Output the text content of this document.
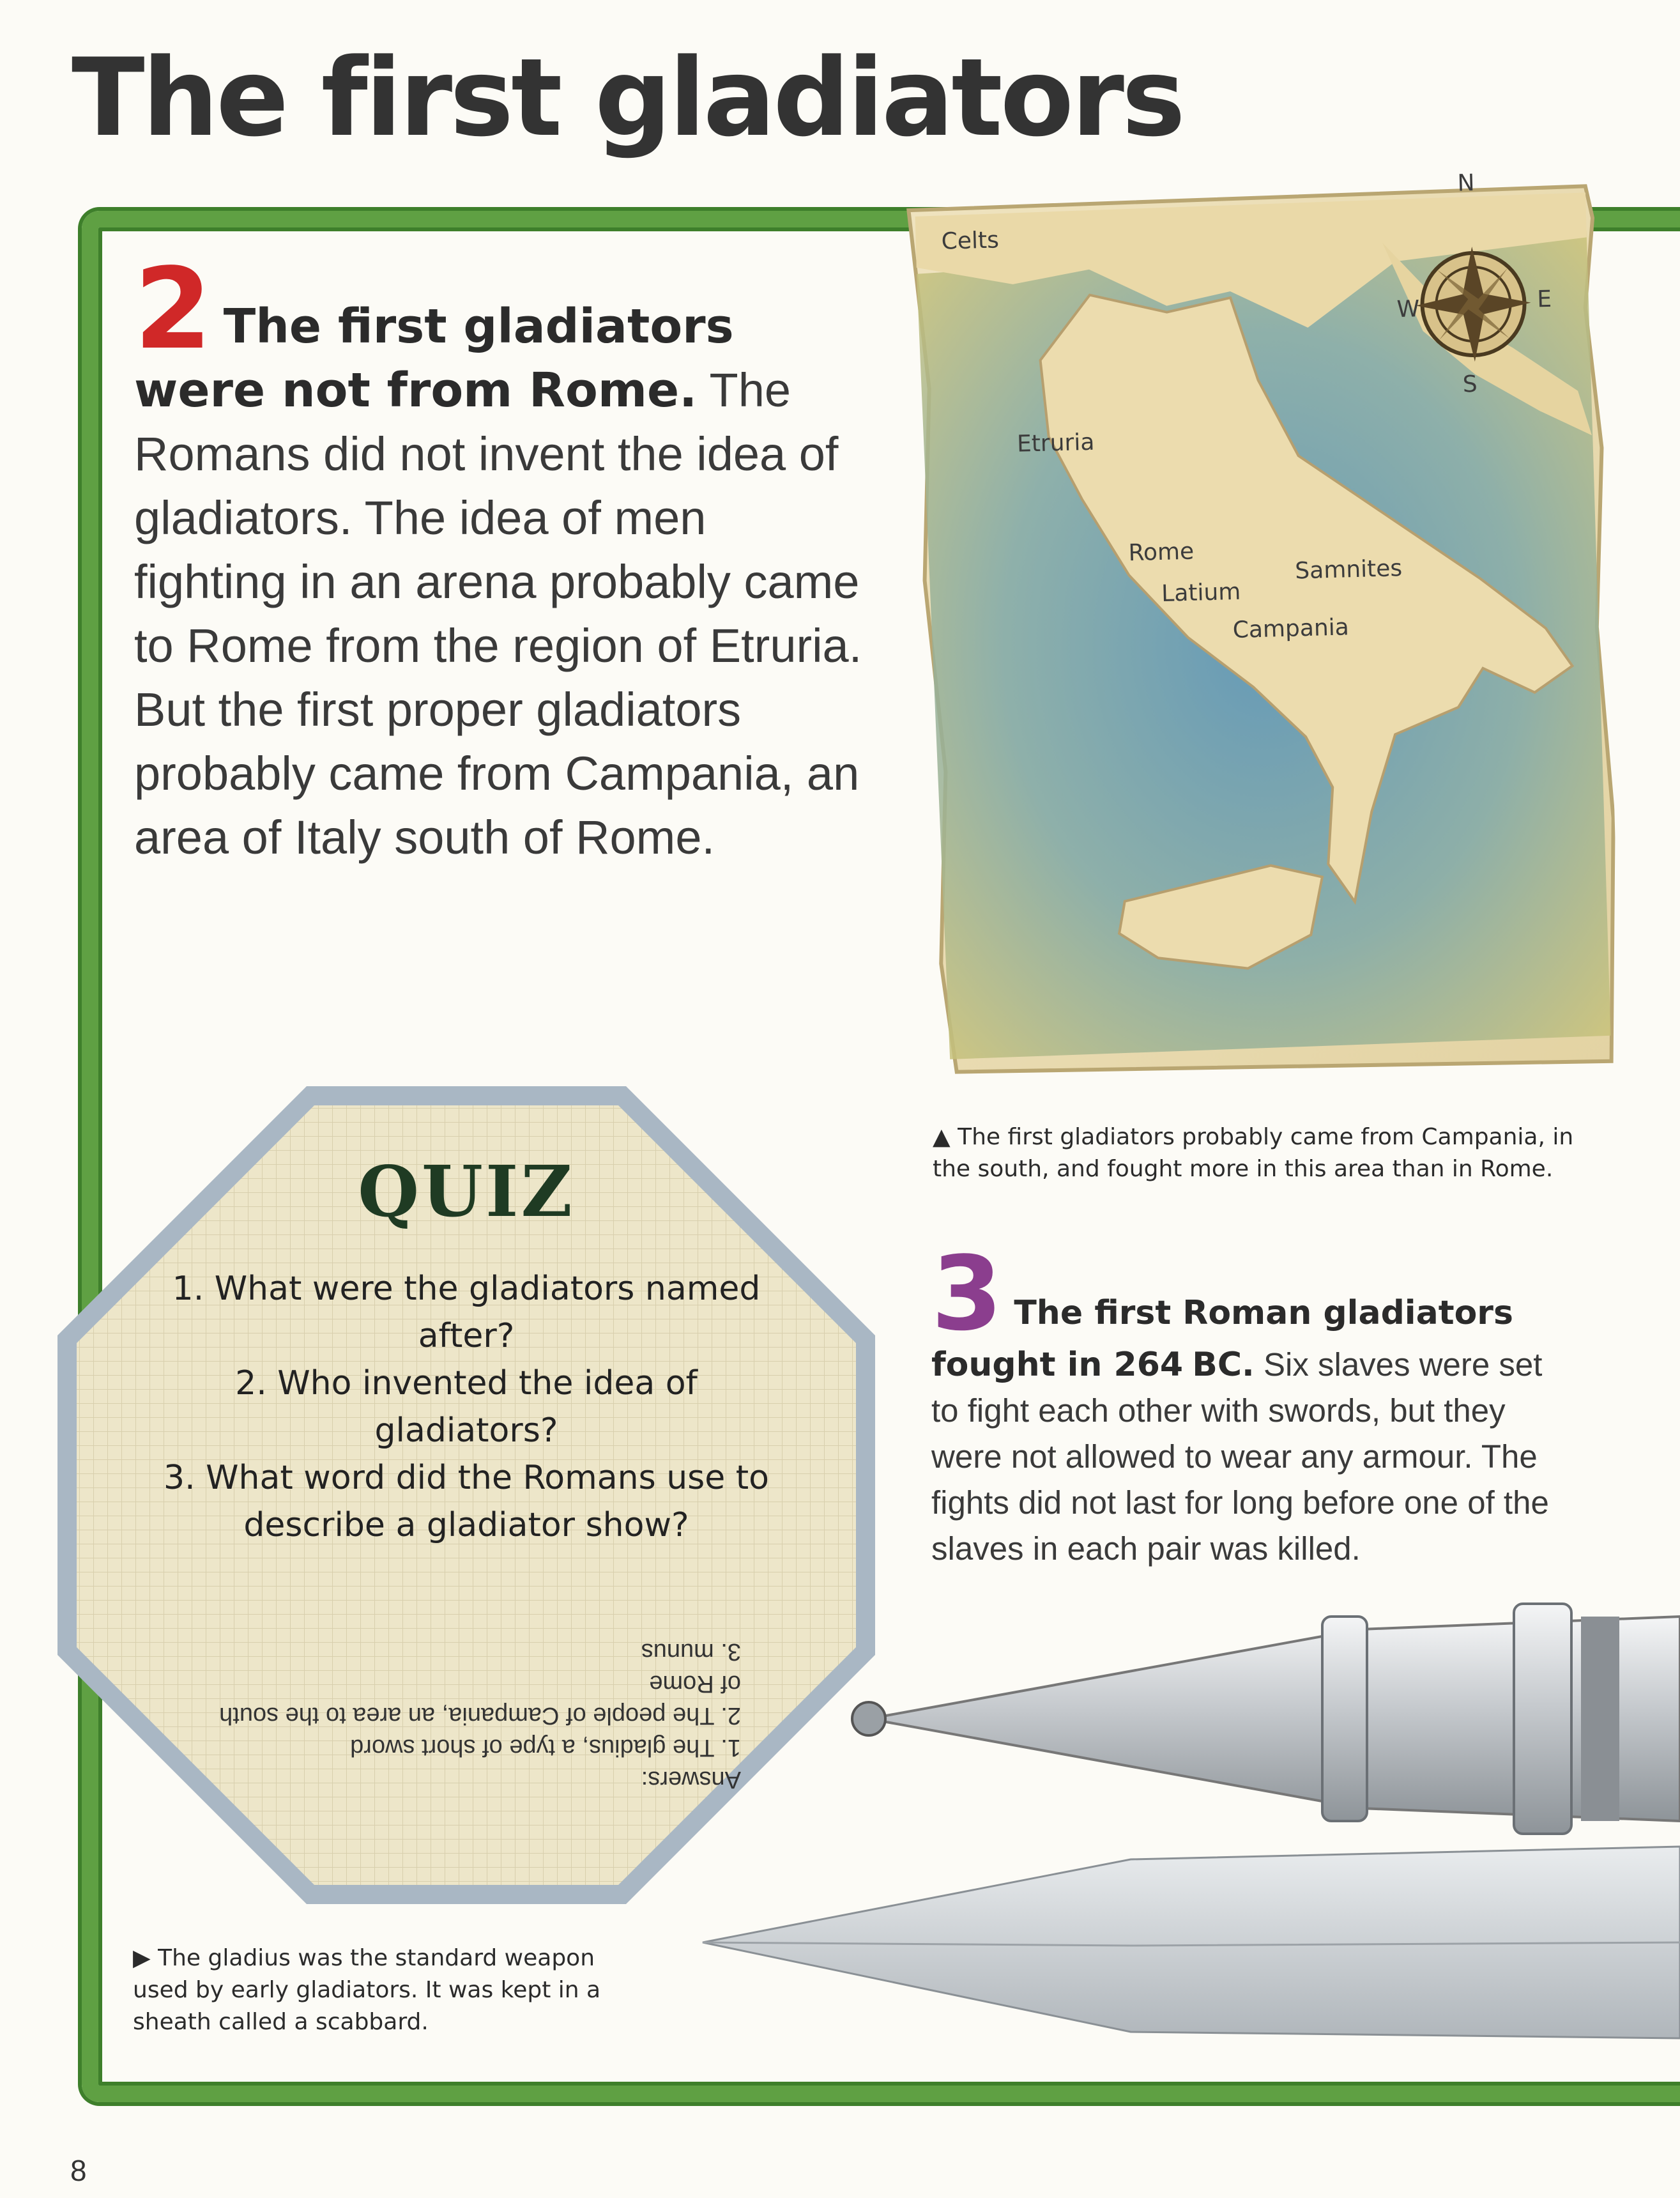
The first gladiators
2 The first gladiators were not from Rome. The Romans did not invent the idea of gladiators. The idea of men fighting in an arena probably came to Rome from the region of Etruria. But the first proper gladiators probably came from Campania, an area of Italy south of Rome.
Celts
Etruria
Rome
Latium
Samnites
Campania
N
W	E
S
▲ The first gladiators probably came from Campania, in the south, and fought more in this area than in Rome.
QUIZ
1. What were the gladiators named after?
2. Who invented the idea of gladiators?
3. What word did the Romans use to describe a gladiator show?
Answers:
1. The gladius, a type of short sword
2. The people of Campania, an area to the south of Rome
3. munus
3 The first Roman gladiators fought in 264 BC. Six slaves were set to fight each other with swords, but they were not allowed to wear any armour. The fights did not last for long before one of the slaves in each pair was killed.
▶ The gladius was the standard weapon used by early gladiators. It was kept in a sheath called a scabbard.
8
